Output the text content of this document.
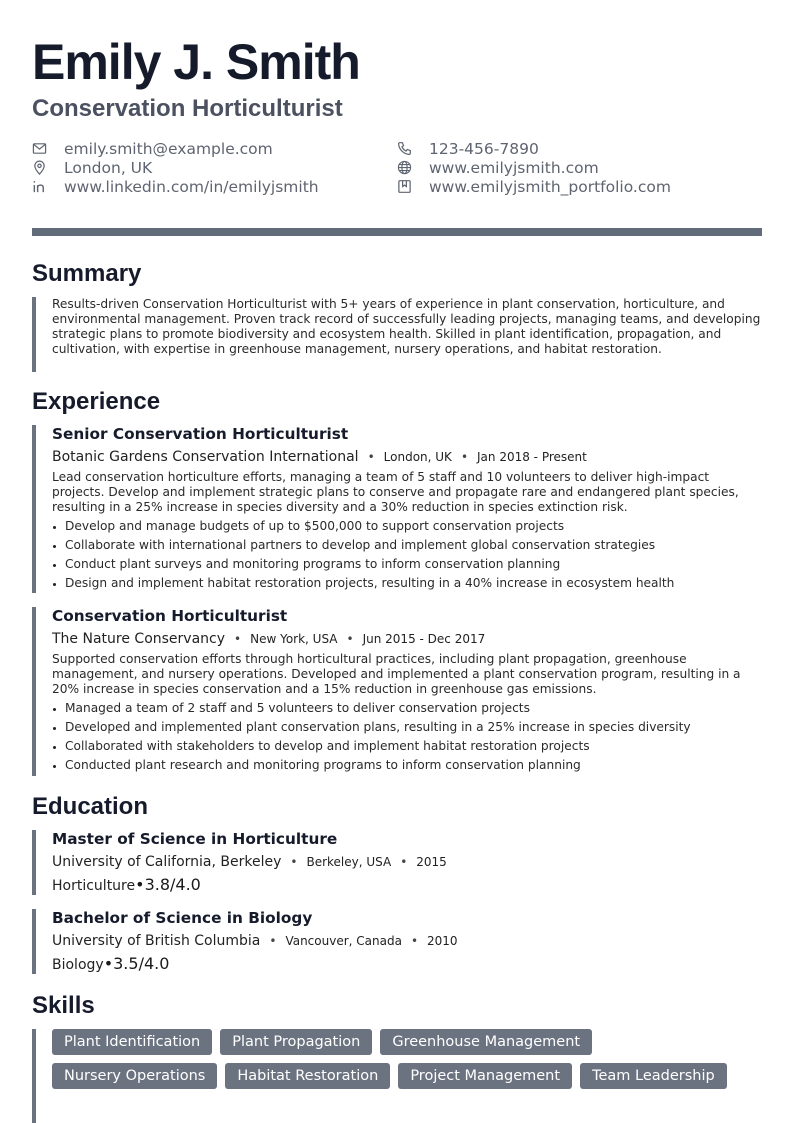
Emily J. Smith
Conservation Horticulturist
emily.smith@example.com
London, UK
www.linkedin.com/in/emilyjsmith
123-456-7890
www.emilyjsmith.com
www.emilyjsmith_portfolio.com
Summary

Results-driven Conservation Horticulturist with 5+ years of experience in plant conservation, horticulture, and environmental management. Proven track record of successfully leading projects, managing teams, and developing strategic plans to promote biodiversity and ecosystem health. Skilled in plant identification, propagation, and cultivation, with expertise in greenhouse management, nursery operations, and habitat restoration.

Experience
Senior Conservation Horticulturist
Botanic Gardens Conservation International • London, UK • Jan 2018 - Present

Lead conservation horticulture efforts, managing a team of 5 staff and 10 volunteers to deliver high-impact projects. Develop and implement strategic plans to conserve and propagate rare and endangered plant species, resulting in a 25% increase in species diversity and a 30% reduction in species extinction risk.

Develop and manage budgets of up to $500,000 to support conservation projects
Collaborate with international partners to develop and implement global conservation strategies
Conduct plant surveys and monitoring programs to inform conservation planning
Design and implement habitat restoration projects, resulting in a 40% increase in ecosystem health
Conservation Horticulturist
The Nature Conservancy • New York, USA • Jun 2015 - Dec 2017

Supported conservation efforts through horticultural practices, including plant propagation, greenhouse management, and nursery operations. Developed and implemented a plant conservation program, resulting in a 20% increase in species conservation and a 15% reduction in greenhouse gas emissions.

Managed a team of 2 staff and 5 volunteers to deliver conservation projects
Developed and implemented plant conservation plans, resulting in a 25% increase in species diversity
Collaborated with stakeholders to develop and implement habitat restoration projects
Conducted plant research and monitoring programs to inform conservation planning
Education
Master of Science in Horticulture
University of California, Berkeley • Berkeley, USA • 2015
Horticulture • 3.8/4.0
Bachelor of Science in Biology
University of British Columbia • Vancouver, Canada • 2010
Biology • 3.5/4.0
Skills
Plant Identification	Plant Propagation	Greenhouse Management
Nursery Operations	Habitat Restoration	Project Management	Team Leadership
